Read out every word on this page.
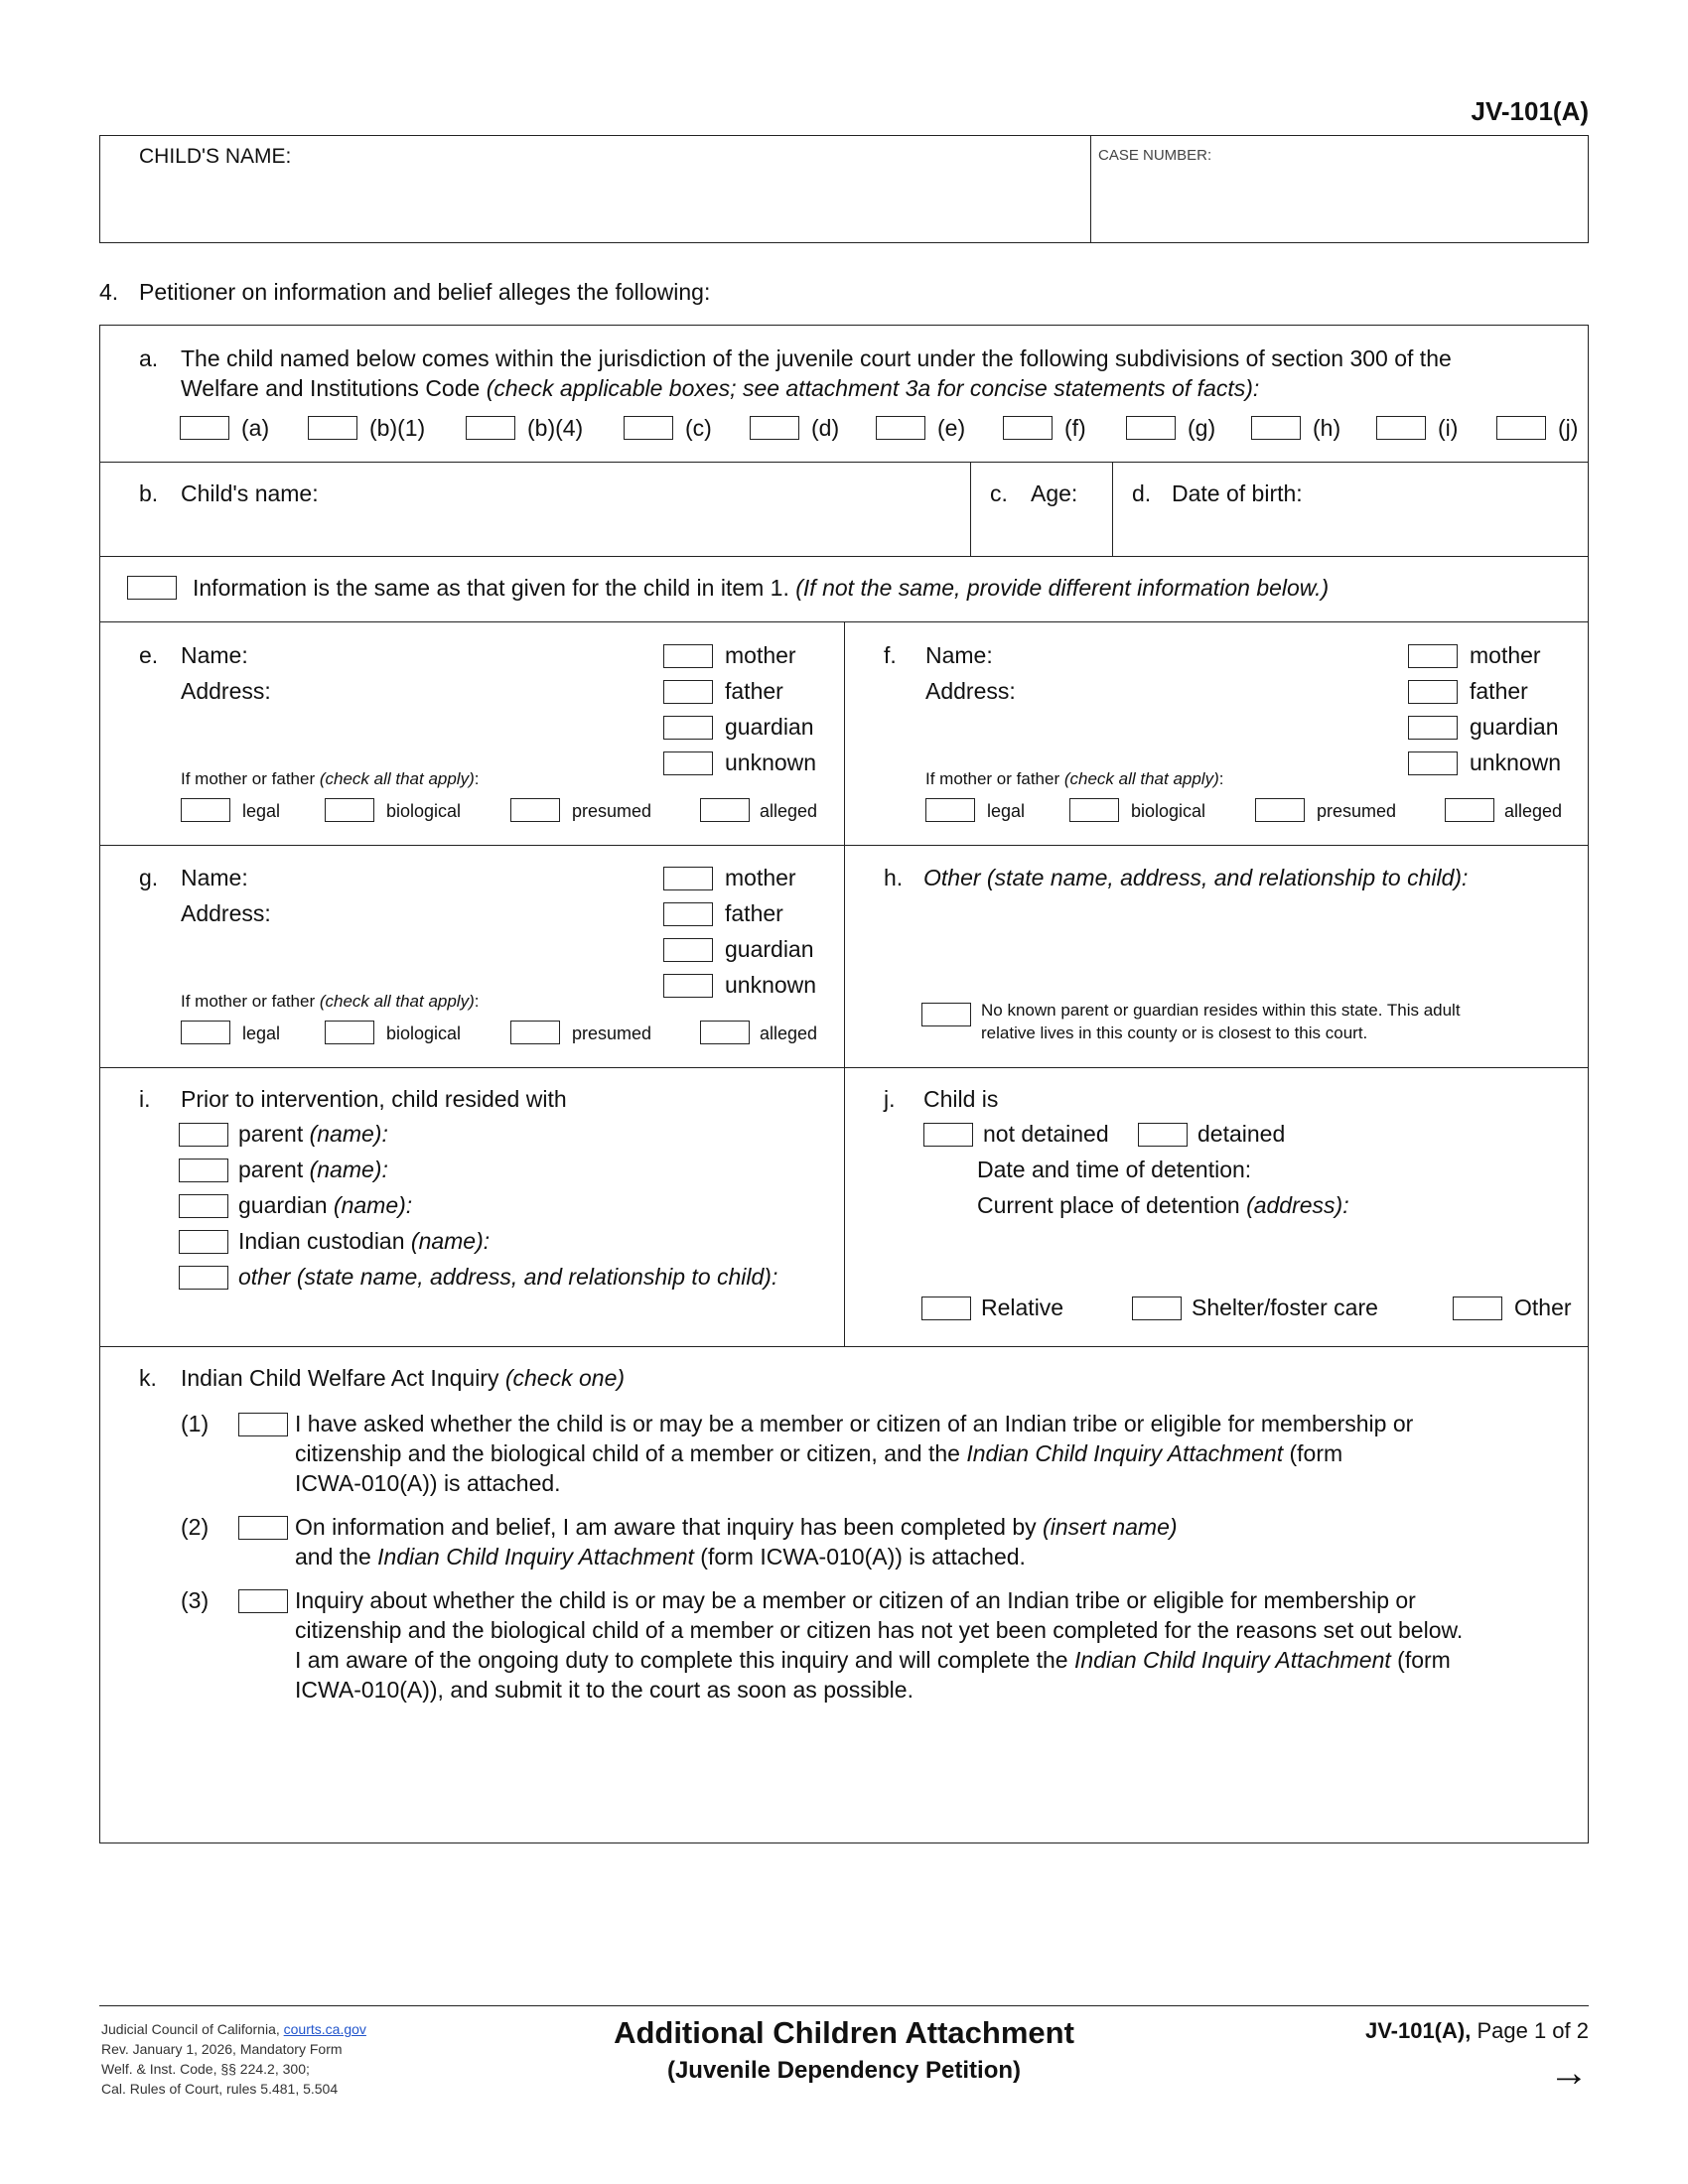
JV-101(A)
CHILD'S NAME:	CASE NUMBER:
4. Petitioner on information and belief alleges the following:
a. The child named below comes within the jurisdiction of the juvenile court under the following subdivisions of section 300 of the
Welfare and Institutions Code (check applicable boxes; see attachment 3a for concise statements of facts):
(a)	(b)(1)	(b)(4)	(c)	(d)	(e)	(f)	(g)	(h)	(i)	(j)
b. Child's name:	c. Age: d. Date of birth:
Information is the same as that given for the child in item 1. (If not the same, provide different information below.)
e. Name:
Address:
mother
father
guardian
unknown
If mother or father (check all that apply):
legal	biological	presumed	alleged
f. Name:
Address:
mother
father
guardian
unknown
If mother or father (check all that apply):
legal	biological	presumed	alleged
g. Name:
Address:
mother
father
guardian
unknown
If mother or father (check all that apply):
legal	biological	presumed	alleged
h. Other (state name, address, and relationship to child):
No known parent or guardian resides within this state. This adult
relative lives in this county or is closest to this court.
i. Prior to intervention, child resided with
parent (name):
parent (name):
guardian (name):
Indian custodian (name):
other (state name, address, and relationship to child):
j. Child is
not detained	detained
Date and time of detention:
Current place of detention (address):
Relative	Shelter/foster care	Other
k. Indian Child Welfare Act Inquiry (check one)
(1)	I have asked whether the child is or may be a member or citizen of an Indian tribe or eligible for membership or
citizenship and the biological child of a member or citizen, and the Indian Child Inquiry Attachment (form
ICWA-010(A)) is attached.
(2)	On information and belief, I am aware that inquiry has been completed by (insert name)
and the Indian Child Inquiry Attachment (form ICWA-010(A)) is attached.
(3)	Inquiry about whether the child is or may be a member or citizen of an Indian tribe or eligible for membership or
citizenship and the biological child of a member or citizen has not yet been completed for the reasons set out below.
I am aware of the ongoing duty to complete this inquiry and will complete the Indian Child Inquiry Attachment (form
ICWA-010(A)), and submit it to the court as soon as possible.
Judicial Council of California, courts.ca.gov
Rev. January 1, 2026, Mandatory Form
Welf. & Inst. Code, §§ 224.2, 300;
Cal. Rules of Court, rules 5.481, 5.504
Additional Children Attachment
(Juvenile Dependency Petition)
JV-101(A), Page 1 of 2
→
